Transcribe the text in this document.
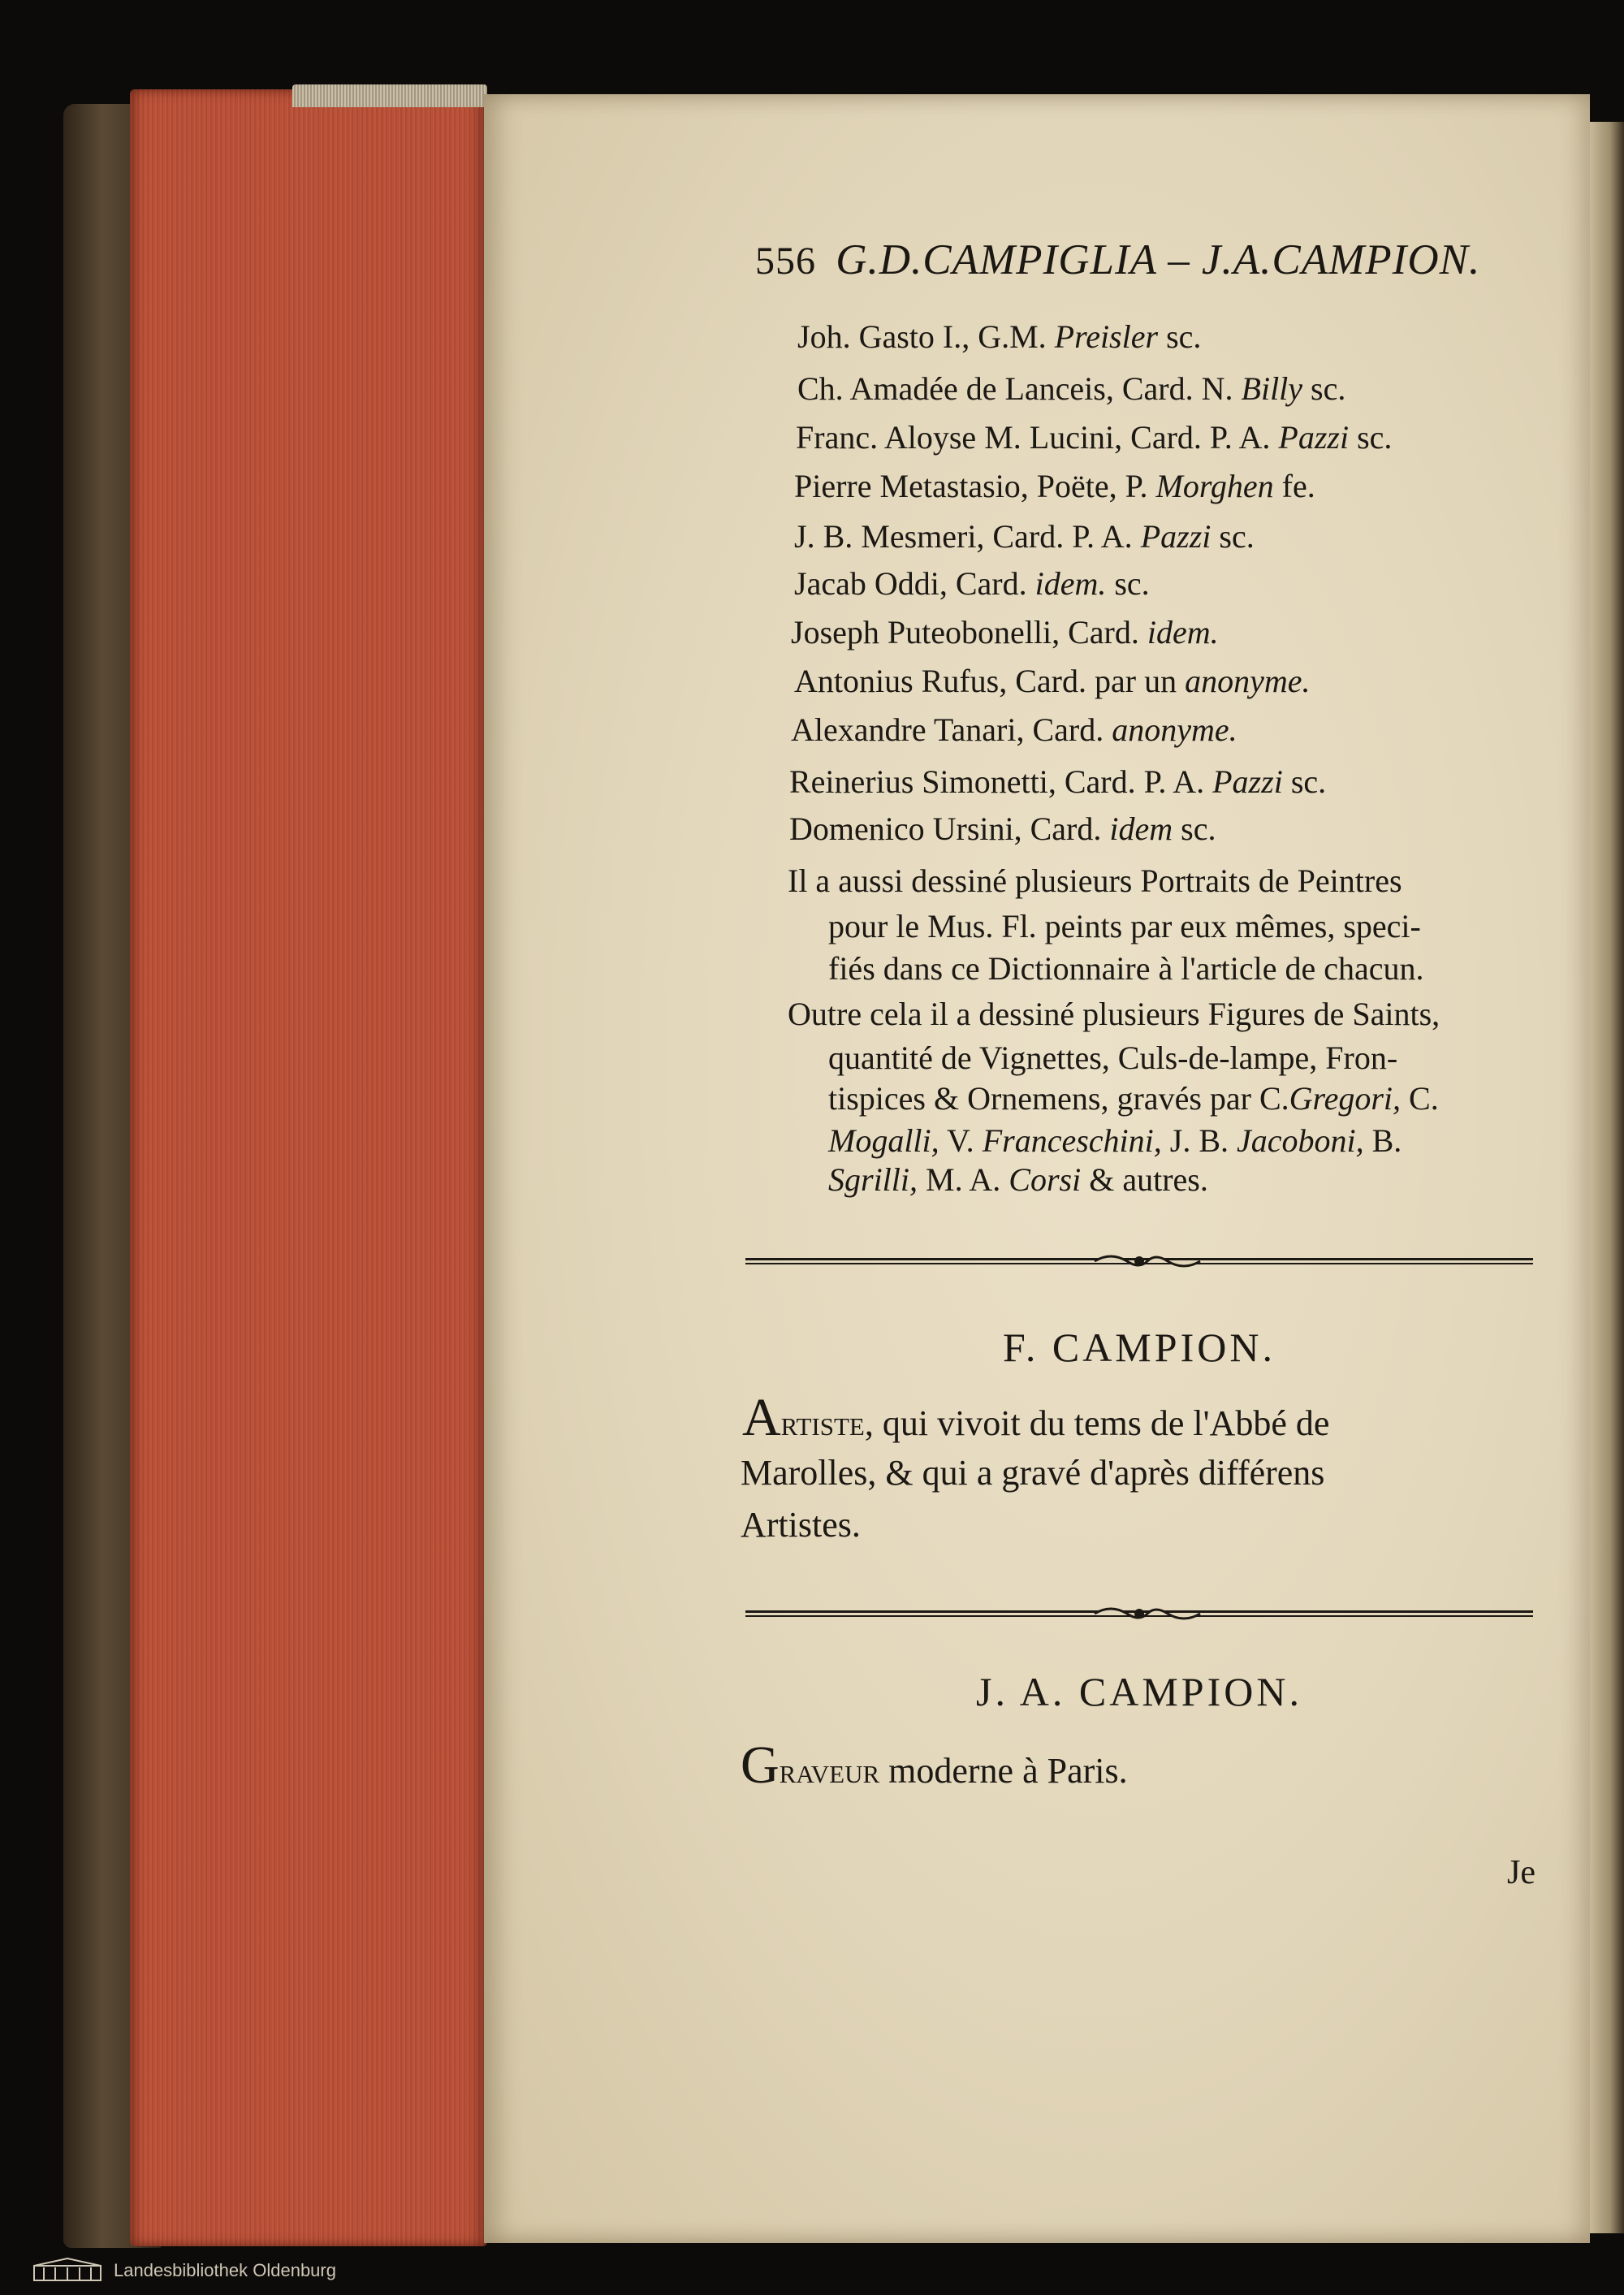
556 G.D.CAMPIGLIA – J.A.CAMPION.
Joh. Gasto I., G.M. Preisler sc.
Ch. Amadée de Lanceis, Card. N. Billy sc.
Franc. Aloyse M. Lucini, Card. P. A. Pazzi sc.
Pierre Metastasio, Poëte, P. Morghen fe.
J. B. Mesmeri, Card. P. A. Pazzi sc.
Jacab Oddi, Card. idem. sc.
Joseph Puteobonelli, Card. idem.
Antonius Rufus, Card. par un anonyme.
Alexandre Tanari, Card. anonyme.
Reinerius Simonetti, Card. P. A. Pazzi sc.
Domenico Ursini, Card. idem sc.
Il a aussi dessiné plusieurs Portraits de Peintres
pour le Mus. Fl. peints par eux mêmes, speci-
fiés dans ce Dictionnaire à l'article de chacun.
Outre cela il a dessiné plusieurs Figures de Saints,
quantité de Vignettes, Culs-de-lampe, Fron-
tispices & Ornemens, gravés par C.Gregori, C.
Mogalli, V. Franceschini, J. B. Jacoboni, B.
Sgrilli, M. A. Corsi & autres.
F. CAMPION.
Artiste, qui vivoit du tems de l'Abbé de
Marolles, & qui a gravé d'après différens
Artistes.
J. A. CAMPION.
Graveur moderne à Paris.
Je
Landesbibliothek Oldenburg
